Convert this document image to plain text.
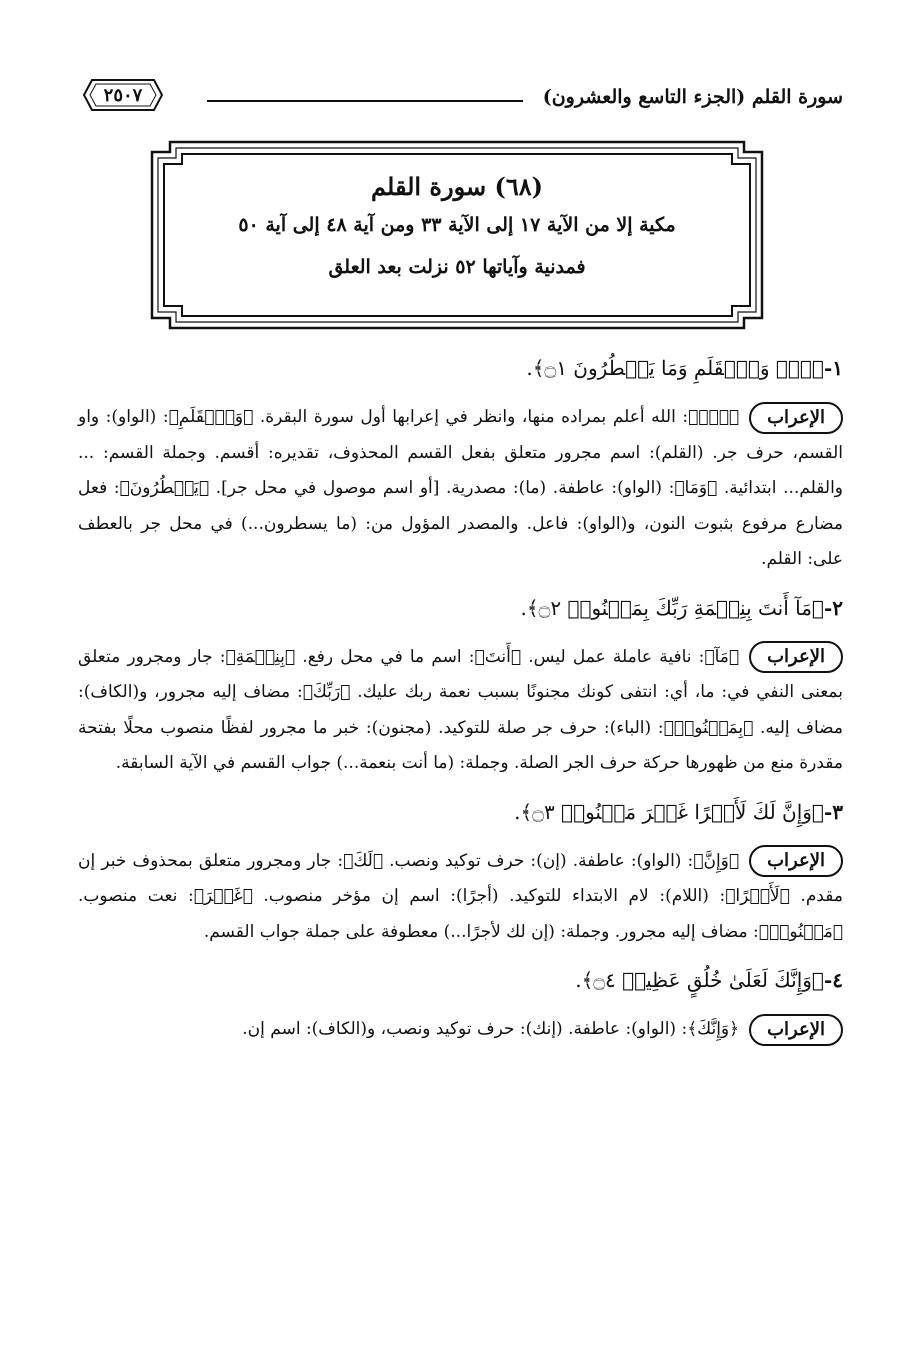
سورة القلم (الجزء التاسع والعشرون)
٢٥٠٧
(٦٨) سورة القلم
مكية إلا من الآية ١٧ إلى الآية ٣٣ ومن آية ٤٨ إلى آية ٥٠
فمدنية وآياتها ٥٢ نزلت بعد العلق
١-﴿نٓۚ وَٱلۡقَلَمِ وَمَا يَسۡطُرُونَ ۝١﴾.
الإعراب﴿نٓۚ﴾: الله أعلم بمراده منها، وانظر في إعرابها أول سورة البقرة. ﴿وَٱلۡقَلَمِ﴾: (الواو): واو القسم، حرف جر. (القلم): اسم مجرور متعلق بفعل القسم المحذوف، تقديره: أقسم. وجملة القسم: ... والقلم... ابتدائية. ﴿وَمَا﴾: (الواو): عاطفة. (ما): مصدرية. [أو اسم موصول في محل جر]. ﴿يَسۡطُرُونَ﴾: فعل مضارع مرفوع بثبوت النون، و(الواو): فاعل. والمصدر المؤول من: (ما يسطرون...) في محل جر بالعطف على: القلم.
٢-﴿مَآ أَنتَ بِنِعۡمَةِ رَبِّكَ بِمَجۡنُونٖ ۝٢﴾.
الإعراب﴿مَآ﴾: نافية عاملة عمل ليس. ﴿أَنتَ﴾: اسم ما في محل رفع. ﴿بِنِعۡمَةِ﴾: جار ومجرور متعلق بمعنى النفي في: ما، أي: انتفى كونك مجنونًا بسبب نعمة ربك عليك. ﴿رَبِّكَ﴾: مضاف إليه مجرور، و(الكاف): مضاف إليه. ﴿بِمَجۡنُونٖ﴾: (الباء): حرف جر صلة للتوكيد. (مجنون): خبر ما مجرور لفظًا منصوب محلًا بفتحة مقدرة منع من ظهورها حركة حرف الجر الصلة. وجملة: (ما أنت بنعمة...) جواب القسم في الآية السابقة.
٣-﴿وَإِنَّ لَكَ لَأَجۡرًا غَيۡرَ مَمۡنُونٖ ۝٣﴾.
الإعراب﴿وَإِنَّ﴾: (الواو): عاطفة. (إن): حرف توكيد ونصب. ﴿لَكَ﴾: جار ومجرور متعلق بمحذوف خبر إن مقدم. ﴿لَأَجۡرًا﴾: (اللام): لام الابتداء للتوكيد. (أجرًا): اسم إن مؤخر منصوب. ﴿غَيۡرَ﴾: نعت منصوب. ﴿مَمۡنُونٖ﴾: مضاف إليه مجرور. وجملة: (إن لك لأجرًا...) معطوفة على جملة جواب القسم.
٤-﴿وَإِنَّكَ لَعَلَىٰ خُلُقٍ عَظِيمٖ ۝٤﴾.
الإعراب﴿وَإِنَّكَ﴾: (الواو): عاطفة. (إنك): حرف توكيد ونصب، و(الكاف): اسم إن.
